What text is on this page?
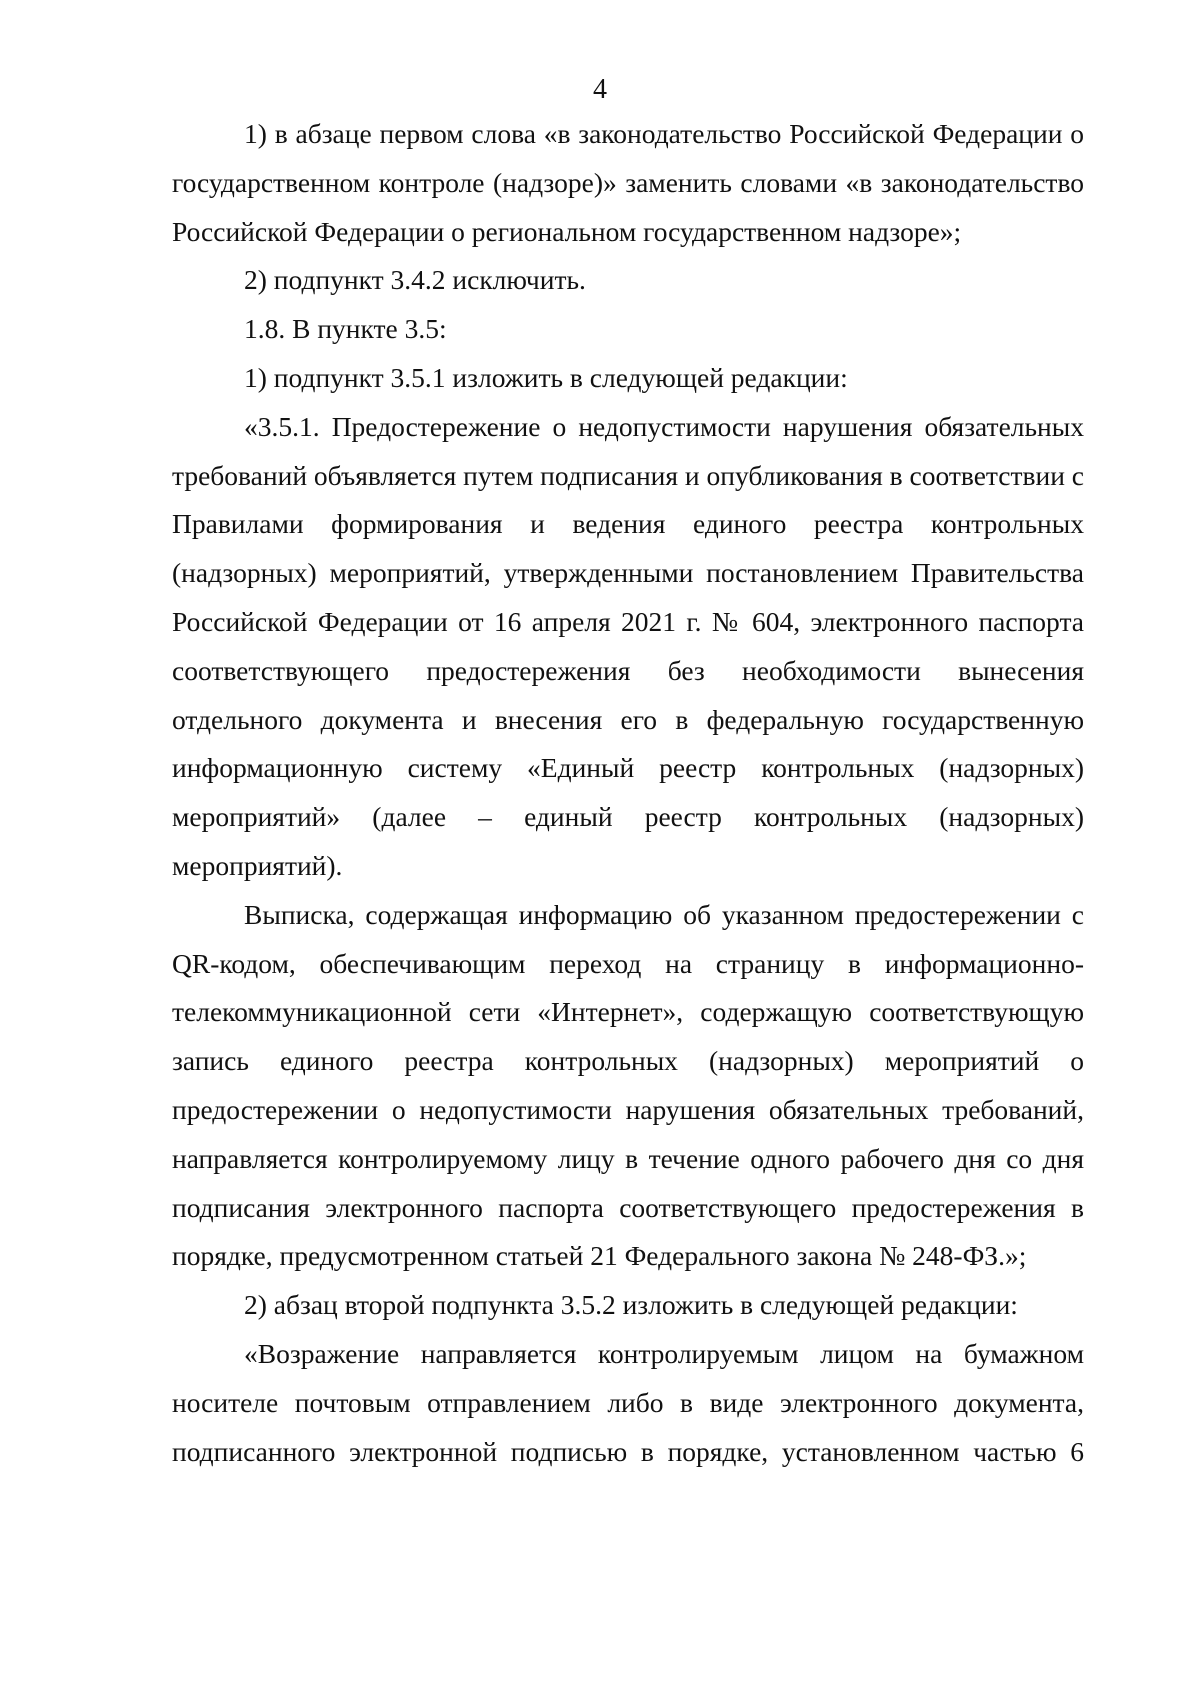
4

1) в абзаце первом слова «в законодательство Российской Федерации о государственном контроле (надзоре)» заменить словами «в законодательство Российской Федерации о региональном государственном надзоре»;

2) подпункт 3.4.2 исключить.

1.8. В пункте 3.5:

1) подпункт 3.5.1 изложить в следующей редакции:

«3.5.1. Предостережение о недопустимости нарушения обязательных требований объявляется путем подписания и опубликования в соответствии с Правилами формирования и ведения единого реестра контрольных (надзорных) мероприятий, утвержденными постановлением Правительства Российской Федерации от 16 апреля 2021 г. № 604, электронного паспорта соответствующего предостережения без необходимости вынесения отдельного документа и внесения его в федеральную государственную информационную систему «Единый реестр контрольных (надзорных) мероприятий» (далее – единый реестр контрольных (надзорных) мероприятий).

Выписка, содержащая информацию об указанном предостережении с QR-кодом, обеспечивающим переход на страницу в информационно-телекоммуникационной сети «Интернет», содержащую соответствующую запись единого реестра контрольных (надзорных) мероприятий о предостережении о недопустимости нарушения обязательных требований, направляется контролируемому лицу в течение одного рабочего дня со дня подписания электронного паспорта соответствующего предостережения в порядке, предусмотренном статьей 21 Федерального закона № 248-ФЗ.»;

2) абзац второй подпункта 3.5.2 изложить в следующей редакции:

«Возражение направляется контролируемым лицом на бумажном носителе почтовым отправлением либо в виде электронного документа, подписанного электронной подписью в порядке, установленном частью 6
